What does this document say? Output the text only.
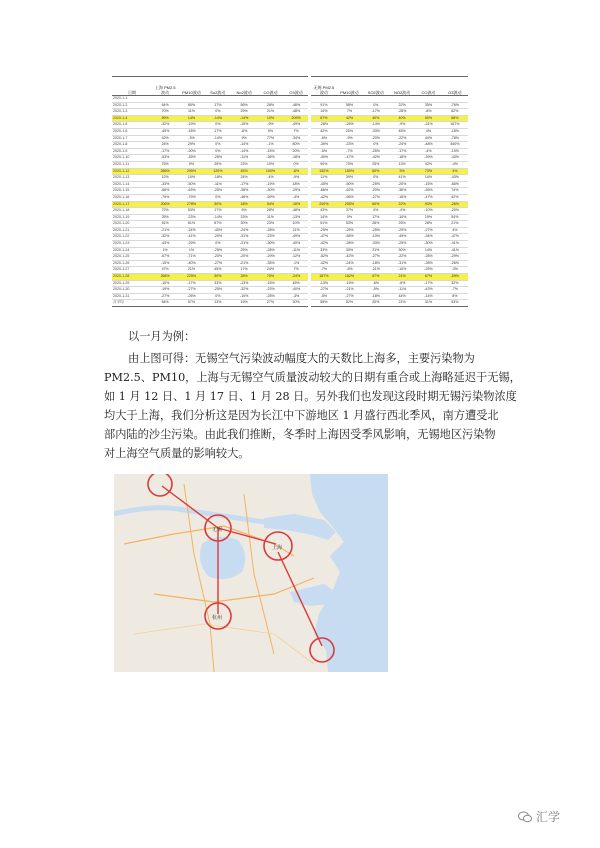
日期	上海 PM2.5波动	PM10波动	So2波动	No2波动	CO波动	O3波动	无锡 PM2.5波动	PM10波动	SO2波动	NO2波动	CO波动	O3波动
2020-1-1												
2020-1-2	64%	65%	17%	56%	28%	-46%	91%	58%	0%	22%	35%	-76%
2020-1-3	70%	11%	0%	29%	21%	-48%	14%	7%	-17%	-28%	-8%	62%
2020-1-4	59%	14%	-14%	-14%	10%	209%	67%	42%	40%	40%	50%	88%
2020-1-5	-32%	-19%	0%	-15%	-9%	-49%	-28%	-26%	-14%	-9%	-31%	167%
2020-1-6	-45%	-18%	17%	-6%	0%	7%	42%	20%	-33%	45%	4%	-18%
2020-1-7	42%	-3%	-14%	9%	77%	-34%	-6%	-9%	-20%	-22%	44%	-78%
2020-1-8	24%	29%	0%	-14%	-1%	80%	-39%	-23%	0%	-24%	-48%	440%
2020-1-9	-17%	-20%	0%	-14%	-15%	20%	-5%	-7%	-25%	-17%	-4%	-19%
2020-1-10	-53%	-39%	-25%	-11%	-36%	-18%	-40%	-47%	-42%	-18%	-39%	-43%
2020-1-11	75%	5%	25%	23%	19%	0%	90%	70%	25%	13%	42%	-4%
2020-1-12	286%	295%	120%	45%	100%	-6%	152%	150%	60%	5%	73%	4%
2020-1-13	12%	10%	-18%	24%	-4%	-9%	11%	39%	0%	41%	14%	-43%
2020-1-14	-33%	-50%	-11%	-17%	-19%	18%	-40%	-50%	-25%	-20%	-15%	-66%
2020-1-15	-66%	-63%	-25%	-38%	-30%	-29%	-66%	-62%	-20%	-36%	-55%	74%
2020-1-16	-79%	-79%	0%	-46%	-59%	-4%	-42%	-56%	-27%	-16%	-47%	42%
2020-1-17	206%	278%	50%	18%	54%	-16%	200%	255%	60%	22%	93%	-26%
2020-1-18	72%	53%	17%	5%	28%	-48%	43%	37%	0%	-4%	-10%	-20%
2020-1-19	25%	-23%	-14%	33%	11%	-13%	14%	0%	17%	-10%	19%	54%
2020-1-20	51%	61%	67%	30%	23%	10%	51%	53%	28%	25%	28%	21%
2020-1-21	-21%	-24%	-40%	-24%	-28%	21%	-25%	-25%	-25%	-29%	-27%	4%
2020-1-22	-32%	-41%	-20%	-31%	-23%	-49%	-47%	-58%	-10%	-49%	-34%	-47%
2020-1-23	-43%	-29%	0%	-31%	-30%	-40%	-42%	-28%	-33%	-25%	-30%	-41%
2020-1-24	1%	1%	-25%	25%	-28%	-11%	33%	30%	21%	30%	14%	-41%
2020-1-25	-67%	-71%	-20%	-20%	-29%	-12%	-52%	-42%	-27%	-22%	-28%	-29%
2020-1-26	-15%	-40%	-27%	-21%	-35%	-1%	-42%	-24%	-18%	-31%	-28%	-26%
2020-1-27	47%	21%	45%	17%	24%	7%	-7%	-5%	-21%	-10%	-25%	-3%
2020-1-28	268%	225%	50%	28%	75%	-24%	187%	162%	57%	21%	67%	-59%
2020-1-29	-10%	-17%	33%	-13%	-15%	45%	-13%	-19%	-6%	-6%	-17%	32%
2020-1-30	-19%	-27%	-25%	-32%	-23%	-40%	-27%	-21%	-5%	-11%	-43%	-7%
2020-1-31	-27%	-26%	0%	-10%	-25%	-3%	-5%	-27%	-18%	44%	-14%	8%
月平均	64%	57%	13%	19%	27%	30%	59%	52%	20%	21%	31%	53%
以一月为例：
由上图可得：无锡空气污染波动幅度大的天数比上海多，主要污染物为
PM2.5、PM10，上海与无锡空气质量波动较大的日期有重合或上海略延迟于无锡，
如 1 月 12 日、1 月 17 日、1 月 28 日。另外我们也发现这段时期无锡污染物浓度
均大于上海，我们分析这是因为长江中下游地区 1 月盛行西北季风，南方遭受北
部内陆的沙尘污染。由此我们推断，冬季时上海因受季风影响，无锡地区污染物
对上海空气质量的影响较大。
无锡
上海
杭州
汇学
